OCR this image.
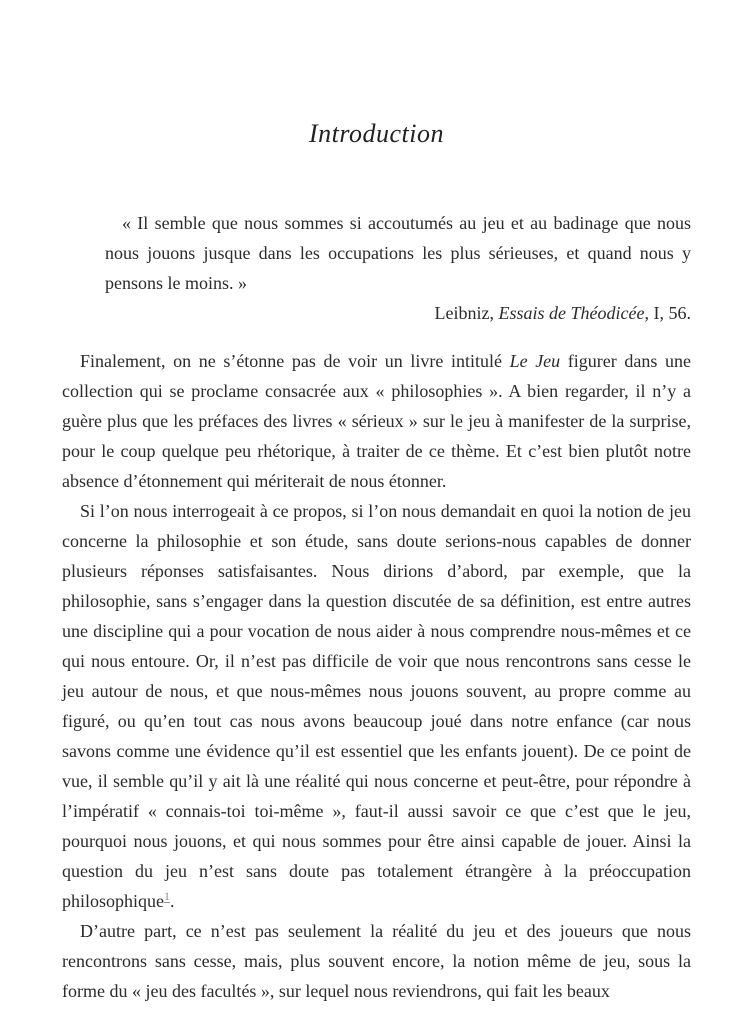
Introduction

« Il semble que nous sommes si accoutumés au jeu et au badinage que nous nous jouons jusque dans les occupations les plus sérieuses, et quand nous y pensons le moins. »

Leibniz, Essais de Théodicée, I, 56.

Finalement, on ne s’étonne pas de voir un livre intitulé Le Jeu figurer dans une collection qui se proclame consacrée aux « philosophies ». A bien regarder, il n’y a guère plus que les préfaces des livres « sérieux » sur le jeu à manifester de la surprise, pour le coup quelque peu rhétorique, à traiter de ce thème. Et c’est bien plutôt notre absence d’étonnement qui mériterait de nous étonner.

Si l’on nous interrogeait à ce propos, si l’on nous demandait en quoi la notion de jeu concerne la philosophie et son étude, sans doute serions-nous capables de donner plusieurs réponses satisfaisantes. Nous dirions d’abord, par exemple, que la philosophie, sans s’engager dans la question discutée de sa définition, est entre autres une discipline qui a pour vocation de nous aider à nous comprendre nous-mêmes et ce qui nous entoure. Or, il n’est pas difficile de voir que nous rencontrons sans cesse le jeu autour de nous, et que nous-mêmes nous jouons souvent, au propre comme au figuré, ou qu’en tout cas nous avons beaucoup joué dans notre enfance (car nous savons comme une évidence qu’il est essentiel que les enfants jouent). De ce point de vue, il semble qu’il y ait là une réalité qui nous concerne et peut-être, pour répondre à l’impératif « connais-toi toi-même », faut-il aussi savoir ce que c’est que le jeu, pourquoi nous jouons, et qui nous sommes pour être ainsi capable de jouer. Ainsi la question du jeu n’est sans doute pas totalement étrangère à la préoccupation philosophique$^1$.

D’autre part, ce n’est pas seulement la réalité du jeu et des joueurs que nous rencontrons sans cesse, mais, plus souvent encore, la notion même de jeu, sous la forme du « jeu des facultés », sur lequel nous reviendrons, qui fait les beaux
